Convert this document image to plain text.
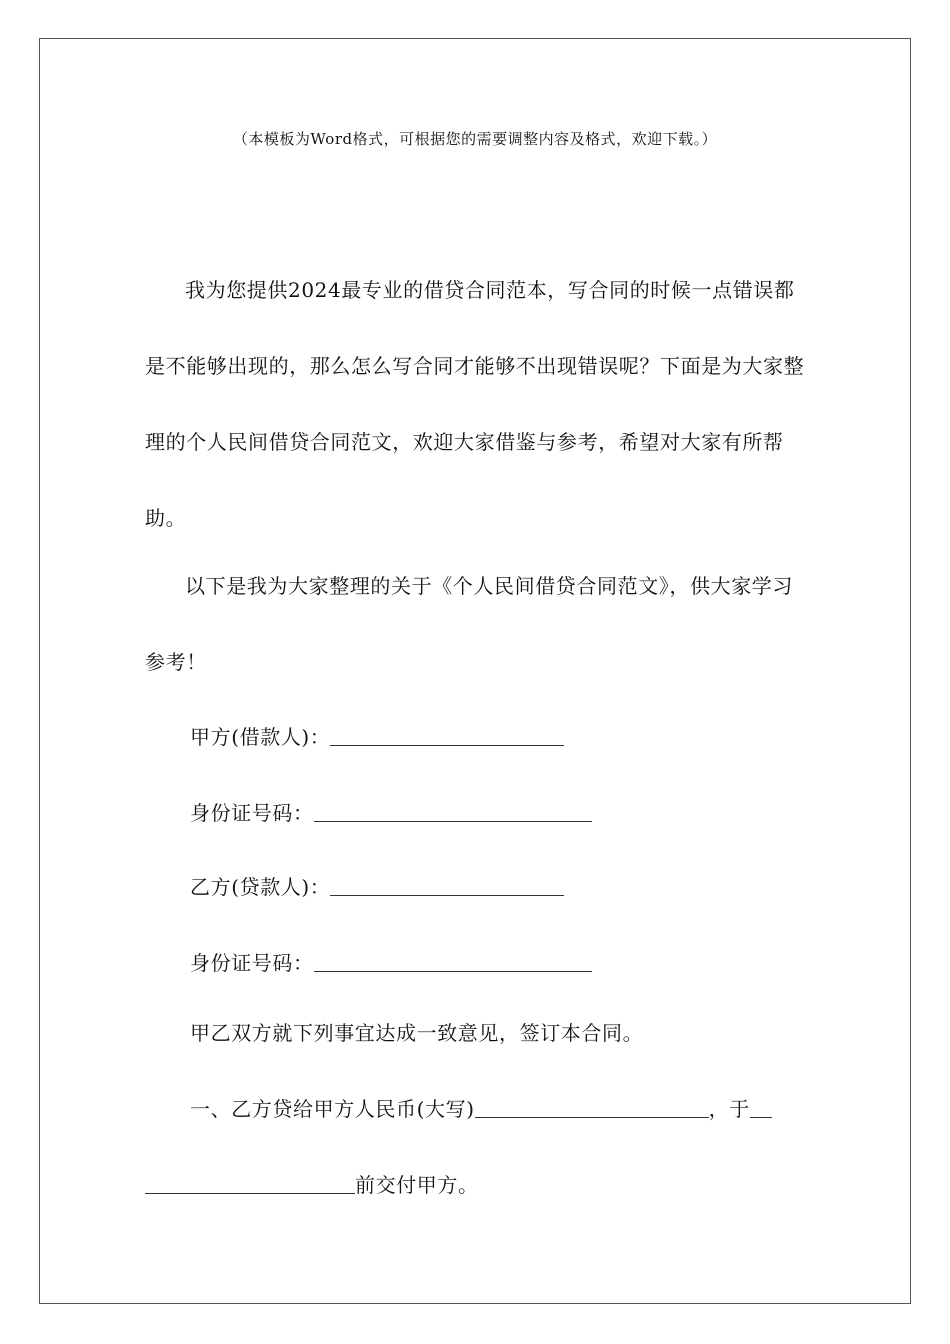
（本模板为Word格式，可根据您的需要调整内容及格式，欢迎下载。）

我为您提供2024最专业的借贷合同范本，写合同的时候一点错误都是不能够出现的，那么怎么写合同才能够不出现错误呢？下面是为大家整理的个人民间借贷合同范文，欢迎大家借鉴与参考，希望对大家有所帮助。

以下是我为大家整理的关于《个人民间借贷合同范文》，供大家学习参考！

甲方(借款人)：
身份证号码：
乙方(贷款人)：
身份证号码：
甲乙双方就下列事宜达成一致意见，签订本合同。
一、乙方贷给甲方人民币(大写)	，于
前交付甲方。
